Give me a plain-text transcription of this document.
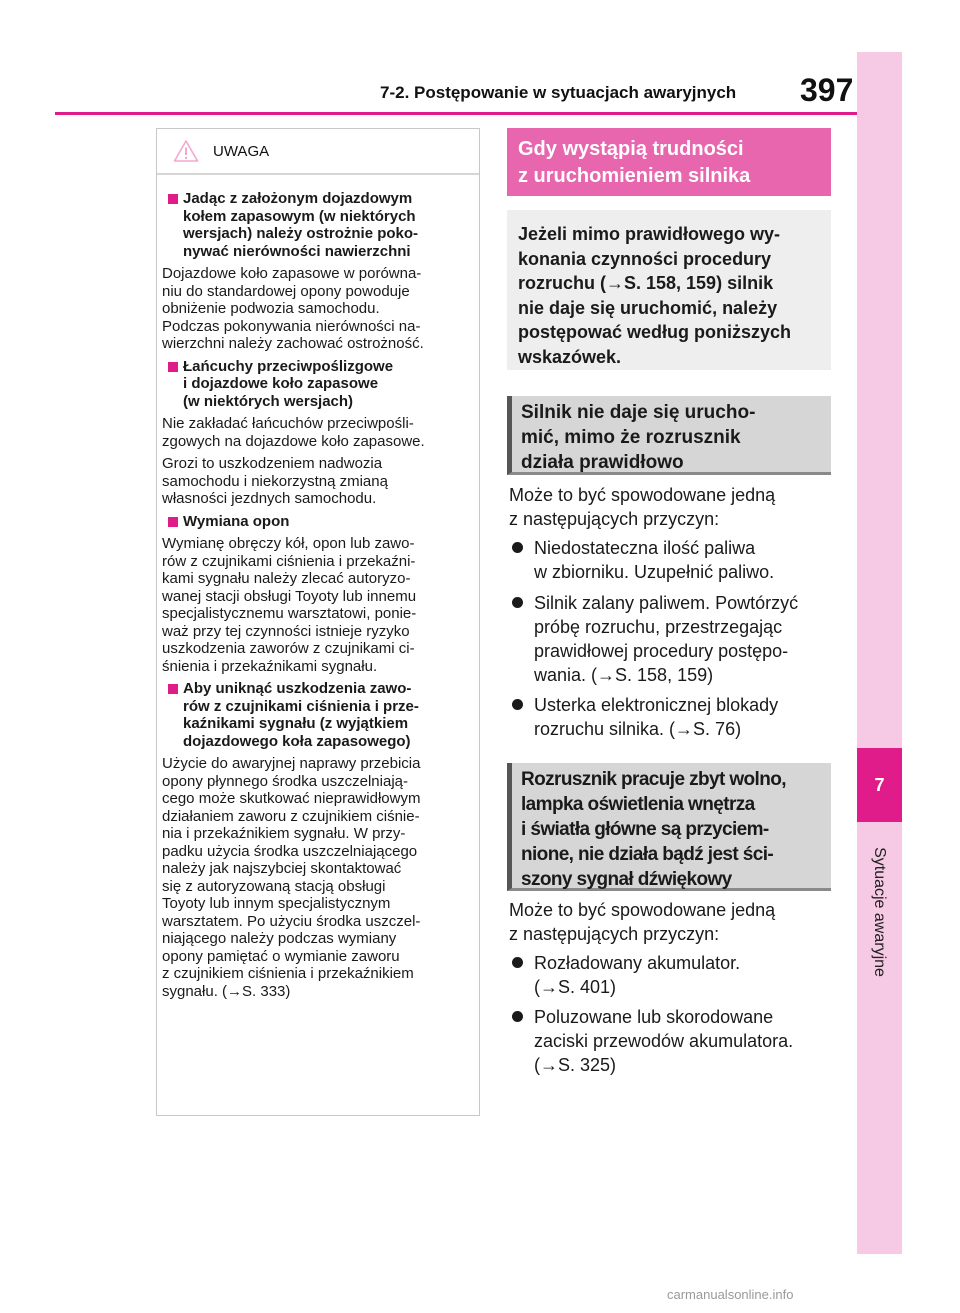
7
Sytuacje awaryjne
7-2. Postępowanie w sytuacjach awaryjnych 397
UWAGA
Jadąc z założonym dojazdowym
kołem zapasowym (w niektórych
wersjach) należy ostrożnie poko-
nywać nierówności nawierzchni
Dojazdowe koło zapasowe w porówna-
niu do standardowej opony powoduje
obniżenie podwozia samochodu.
Podczas pokonywania nierówności na-
wierzchni należy zachować ostrożność.
Łańcuchy przeciwpoślizgowe
i dojazdowe koło zapasowe
(w niektórych wersjach)
Nie zakładać łańcuchów przeciwpośli-
zgowych na dojazdowe koło zapasowe.
Grozi to uszkodzeniem nadwozia
samochodu i niekorzystną zmianą
własności jezdnych samochodu.
Wymiana opon
Wymianę obręczy kół, opon lub zawo-
rów z czujnikami ciśnienia i przekaźni-
kami sygnału należy zlecać autoryzo-
wanej stacji obsługi Toyoty lub innemu
specjalistycznemu warsztatowi, ponie-
waż przy tej czynności istnieje ryzyko
uszkodzenia zaworów z czujnikami ci-
śnienia i przekaźnikami sygnału.
Aby uniknąć uszkodzenia zawo-
rów z czujnikami ciśnienia i prze-
kaźnikami sygnału (z wyjątkiem
dojazdowego koła zapasowego)
Użycie do awaryjnej naprawy przebicia
opony płynnego środka uszczelniają-
cego może skutkować nieprawidłowym
działaniem zaworu z czujnikiem ciśnie-
nia i przekaźnikiem sygnału. W przy-
padku użycia środka uszczelniającego
należy jak najszybciej skontaktować
się z autoryzowaną stacją obsługi
Toyoty lub innym specjalistycznym
warsztatem. Po użyciu środka uszczel-
niającego należy podczas wymiany
opony pamiętać o wymianie zaworu
z czujnikiem ciśnienia i przekaźnikiem
sygnału. (→S. 333)
Gdy wystąpią trudności
z uruchomieniem silnika
Jeżeli mimo prawidłowego wy-
konania czynności procedury
rozruchu (→S. 158, 159) silnik
nie daje się uruchomić, należy
postępować według poniższych
wskazówek.
Silnik nie daje się urucho-
mić, mimo że rozrusznik
działa prawidłowo
Może to być spowodowane jedną
z następujących przyczyn:
Niedostateczna ilość paliwa
w zbiorniku. Uzupełnić paliwo.
Silnik zalany paliwem. Powtórzyć
próbę rozruchu, przestrzegając
prawidłowej procedury postępo-
wania. (→S. 158, 159)
Usterka elektronicznej blokady
rozruchu silnika. (→S. 76)
Rozrusznik pracuje zbyt wolno,
lampka oświetlenia wnętrza
i światła główne są przyciem-
nione, nie działa bądź jest ści-
szony sygnał dźwiękowy
Może to być spowodowane jedną
z następujących przyczyn:
Rozładowany akumulator.
(→S. 401)
Poluzowane lub skorodowane
zaciski przewodów akumulatora.
(→S. 325)
carmanualsonline.info
